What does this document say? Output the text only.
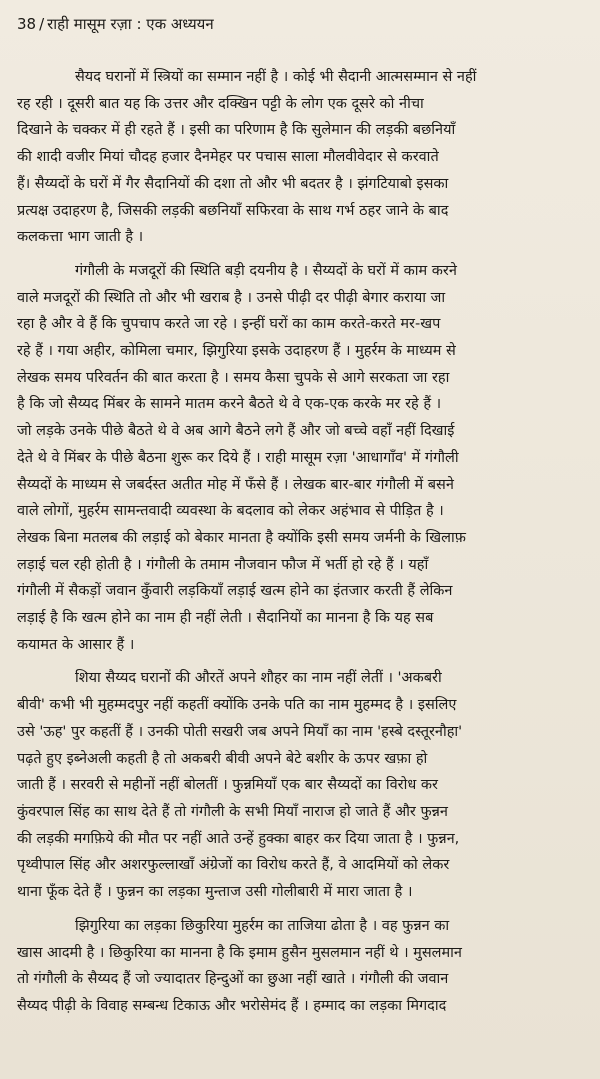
38 / राही मासूम रज़ा : एक अध्ययन
सैयद घरानों में स्त्रियों का सम्मान नहीं है । कोई भी सैदानी आत्मसम्मान से नहीं
रह रही । दूसरी बात यह कि उत्तर और दक्खिन पट्टी के लोग एक दूसरे को नीचा
दिखाने के चक्कर में ही रहते हैं । इसी का परिणाम है कि सुलेमान की लड़की बछनियाँ
की शादी वजीर मियां चौदह हजार दैनमेहर पर पचास साला मौलवीवेदार से करवाते
हैं। सैय्यदों के घरों में गैर सैदानियों की दशा तो और भी बदतर है । झंगटियाबो इसका
प्रत्यक्ष उदाहरण है, जिसकी लड़की बछनियाँ सफिरवा के साथ गर्भ ठहर जाने के बाद
कलकत्ता भाग जाती है ।
गंगौली के मजदूरों की स्थिति बड़ी दयनीय है । सैय्यदों के घरों में काम करने
वाले मजदूरों की स्थिति तो और भी खराब है । उनसे पीढ़ी दर पीढ़ी बेगार कराया जा
रहा है और वे हैं कि चुपचाप करते जा रहे । इन्हीं घरों का काम करते-करते मर-खप
रहे हैं । गया अहीर, कोमिला चमार, झिगुरिया इसके उदाहरण हैं । मुहर्रम के माध्यम से
लेखक समय परिवर्तन की बात करता है । समय कैसा चुपके से आगे सरकता जा रहा
है कि जो सैय्यद मिंबर के सामने मातम करने बैठते थे वे एक-एक करके मर रहे हैं ।
जो लड़के उनके पीछे बैठते थे वे अब आगे बैठने लगे हैं और जो बच्चे वहाँ नहीं दिखाई
देते थे वे मिंबर के पीछे बैठना शुरू कर दिये हैं । राही मासूम रज़ा 'आधागाँव' में गंगौली
सैय्यदों के माध्यम से जबर्दस्त अतीत मोह में फँसे हैं । लेखक बार-बार गंगौली में बसने
वाले लोगों, मुहर्रम सामन्तवादी व्यवस्था के बदलाव को लेकर अहंभाव से पीड़ित है ।
लेखक बिना मतलब की लड़ाई को बेकार मानता है क्योंकि इसी समय जर्मनी के खिलाफ़
लड़ाई चल रही होती है । गंगौली के तमाम नौजवान फौज में भर्ती हो रहे हैं । यहाँ
गंगौली में सैकड़ों जवान कुँवारी लड़कियाँ लड़ाई खत्म होने का इंतजार करती हैं लेकिन
लड़ाई है कि खत्म होने का नाम ही नहीं लेती । सैदानियों का मानना है कि यह सब
कयामत के आसार हैं ।
शिया सैय्यद घरानों की औरतें अपने शौहर का नाम नहीं लेतीं । 'अकबरी
बीवी' कभी भी मुहम्मदपुर नहीं कहतीं क्योंकि उनके पति का नाम मुहम्मद है । इसलिए
उसे 'ऊह' पुर कहतीं हैं । उनकी पोती सखरी जब अपने मियाँ का नाम 'हस्बे दस्तूरनौहा'
पढ़ते हुए इब्नेअली कहती है तो अकबरी बीवी अपने बेटे बशीर के ऊपर खफ़ा हो
जाती हैं । सरवरी से महीनों नहीं बोलतीं । फुन्नमियाँ एक बार सैय्यदों का विरोध कर
कुंवरपाल सिंह का साथ देते हैं तो गंगौली के सभी मियाँ नाराज हो जाते हैं और फुन्नन
की लड़की मगफ़िये की मौत पर नहीं आते उन्हें हुक्का बाहर कर दिया जाता है । फुन्नन,
पृथ्वीपाल सिंह और अशरफुल्लाखाँ अंग्रेजों का विरोध करते हैं, वे आदमियों को लेकर
थाना फूँक देते हैं । फुन्नन का लड़का मुन्ताज उसी गोलीबारी में मारा जाता है ।
झिगुरिया का लड़का छिकुरिया मुहर्रम का ताजिया ढोता है । वह फुन्नन का
खास आदमी है । छिकुरिया का मानना है कि इमाम हुसैन मुसलमान नहीं थे । मुसलमान
तो गंगौली के सैय्यद हैं जो ज्यादातर हिन्दुओं का छुआ नहीं खाते । गंगौली की जवान
सैय्यद पीढ़ी के विवाह सम्बन्ध टिकाऊ और भरोसेमंद हैं । हम्माद का लड़का मिगदाद
